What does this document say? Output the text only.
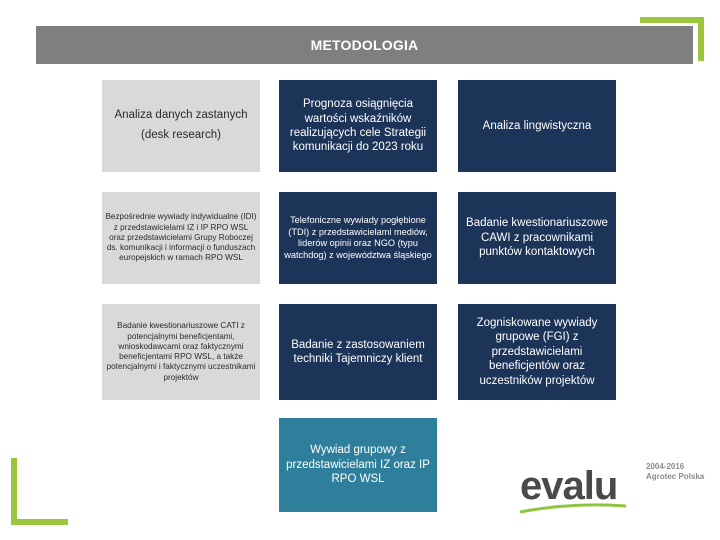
METODOLOGIA
Analiza danych zastanych
(desk research)
Prognoza osiągnięcia wartości wskaźników realizujących cele Strategii komunikacji do 2023 roku
Analiza lingwistyczna
Bezpośrednie wywiady indywidualne (IDI) z przedstawicielami IZ i IP RPO WSL oraz przedstawicielami Grupy Roboczej ds. komunikacji i informacji o funduszach europejskich w ramach RPO WSL
Telefoniczne wywiady pogłębione (TDI) z przedstawicielami mediów, liderów opinii oraz NGO (typu watchdog) z województwa śląskiego
Badanie kwestionariuszowe CAWI z pracownikami punktów kontaktowych
Badanie kwestionariuszowe CATI z potencjalnymi beneficjentami, wnioskodawcami oraz faktycznymi beneficjentami RPO WSL, a także potencjalnymi i faktycznymi uczestnikami projektów
Badanie z zastosowaniem techniki Tajemniczy klient
Zogniskowane wywiady grupowe (FGI) z przedstawicielami beneficjentów oraz uczestników projektów
Wywiad grupowy z przedstawicielami IZ oraz IP RPO WSL	evalu	2004-2016
Agrotec Polska
